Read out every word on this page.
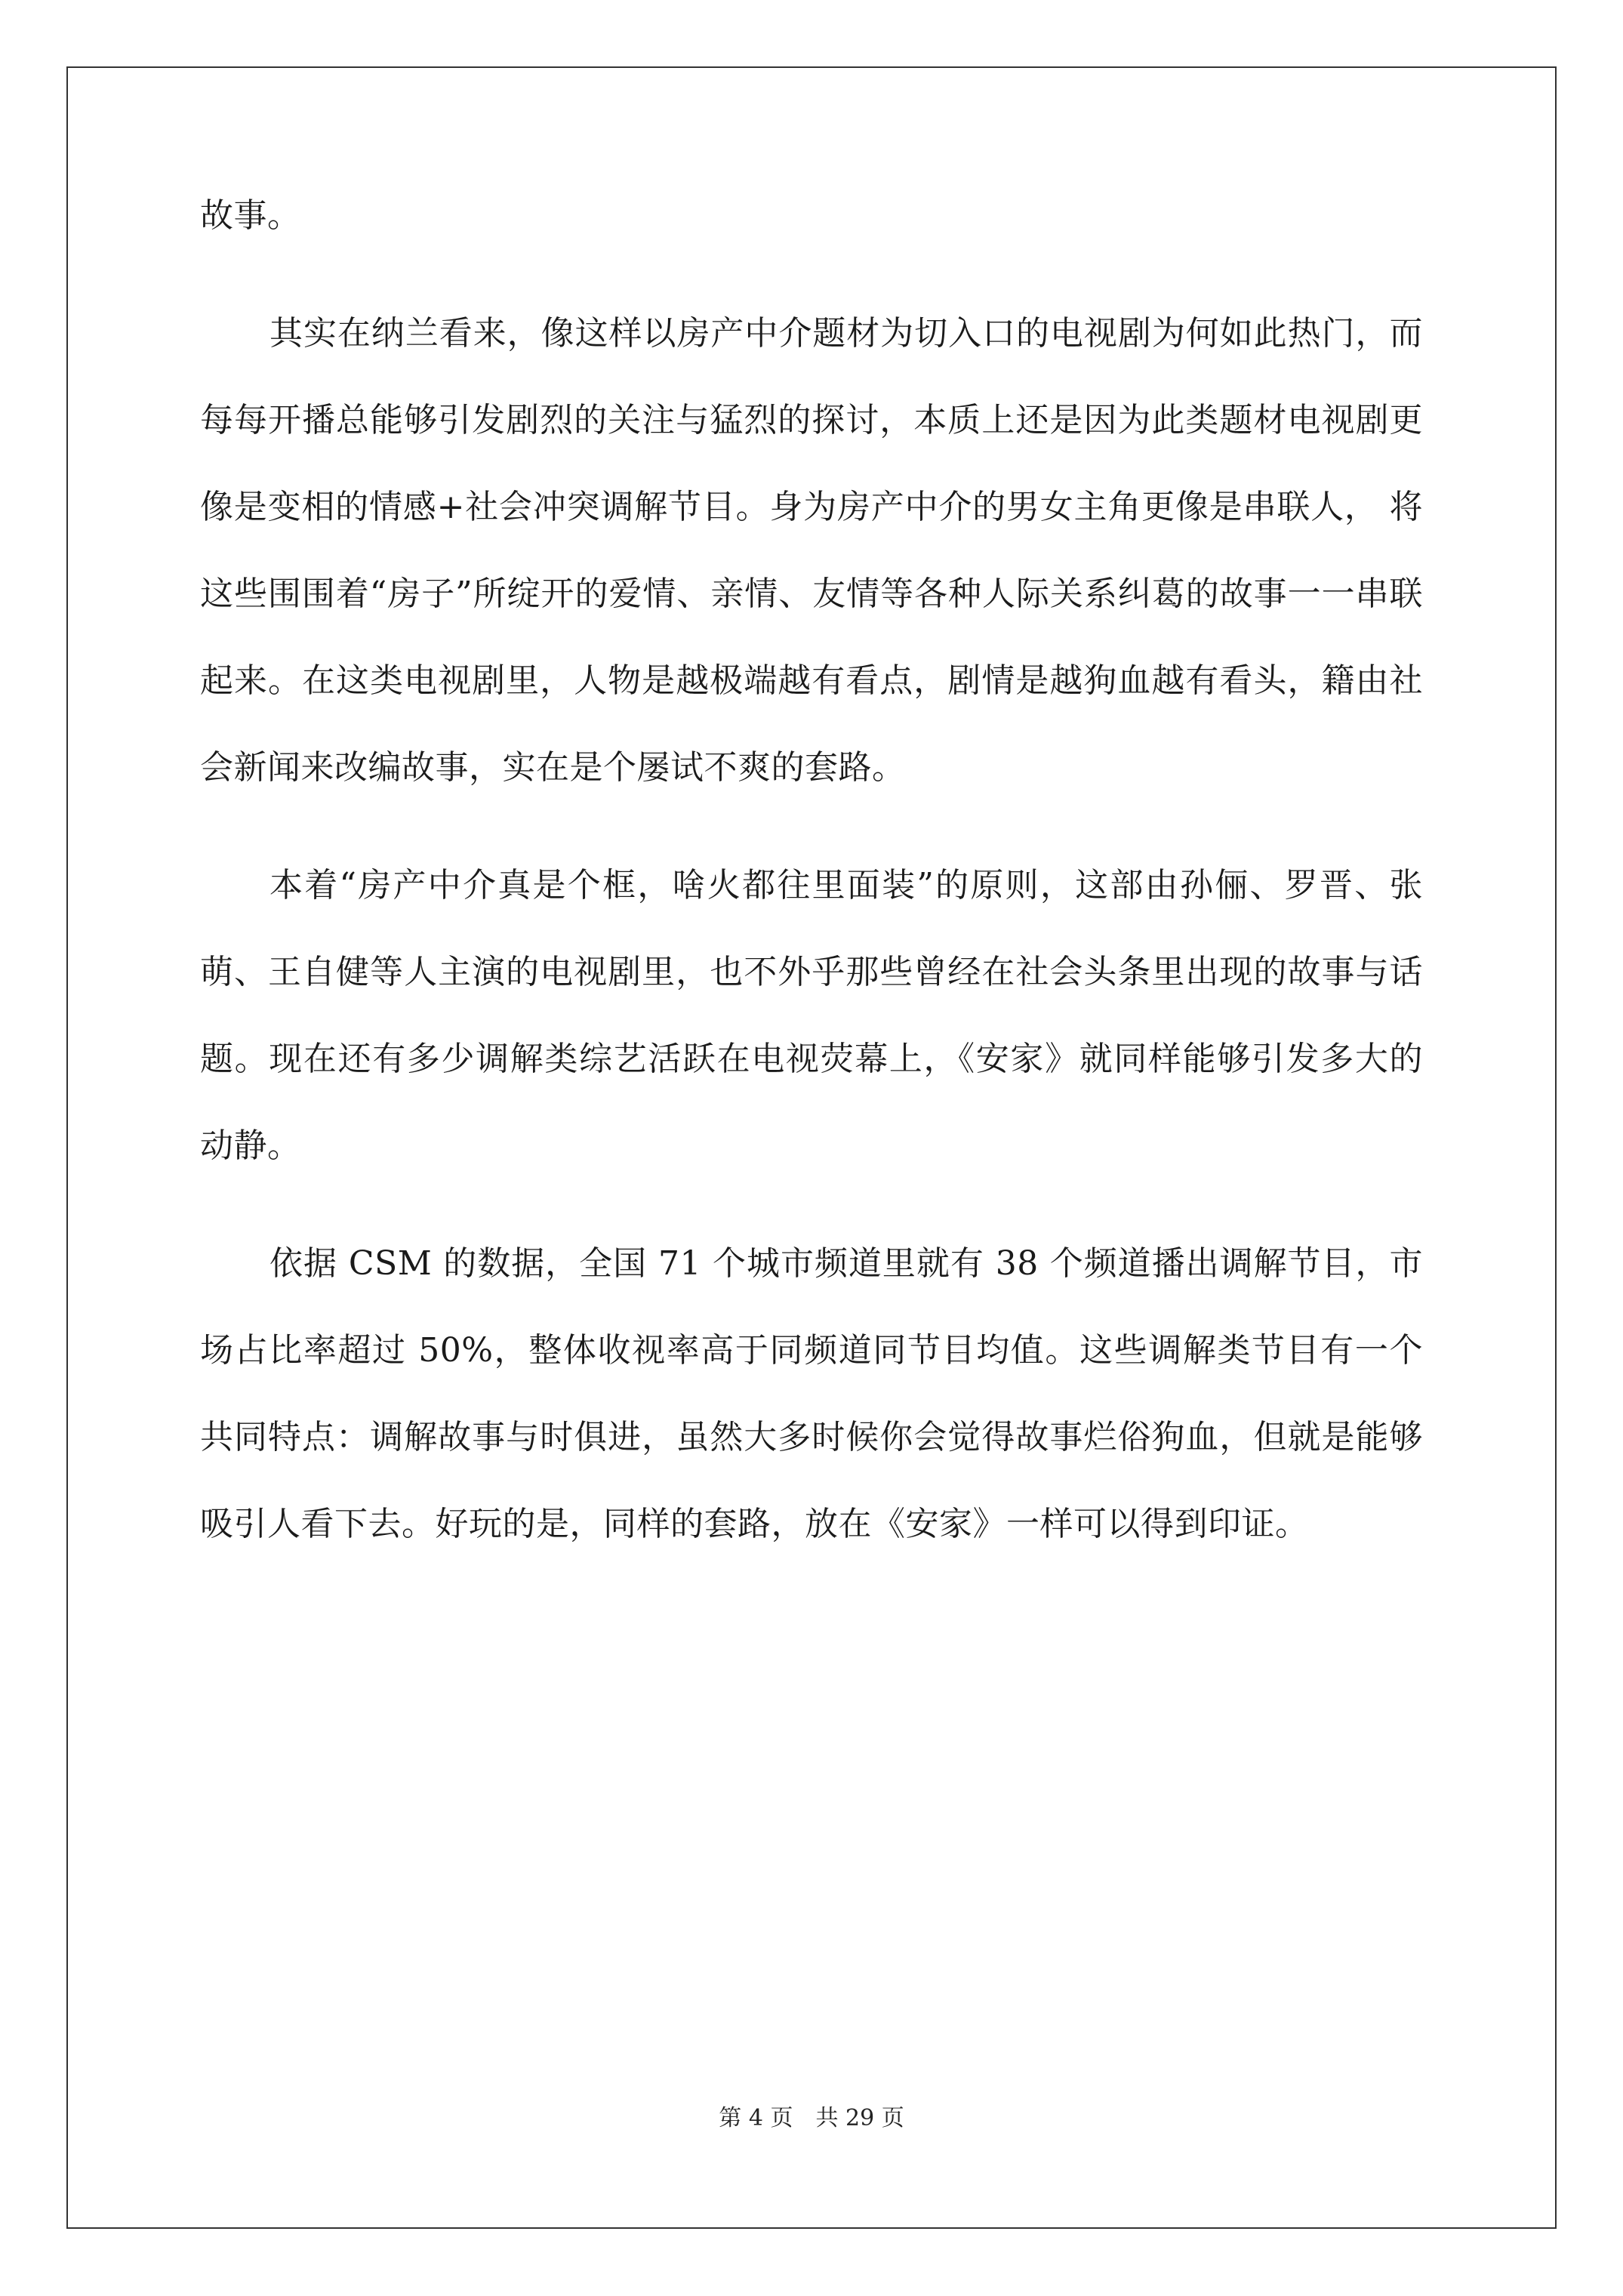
故事。

其实在纳兰看来，像这样以房产中介题材为切入口的电视剧为何如此热门，而每每开播总能够引发剧烈的关注与猛烈的探讨，本质上还是因为此类题材电视剧更像是变相的情感+社会冲突调解节目。身为房产中介的男女主角更像是串联人， 将这些围围着“房子”所绽开的爱情、亲情、友情等各种人际关系纠葛的故事一一串联起来。在这类电视剧里，人物是越极端越有看点，剧情是越狗血越有看头，籍由社会新闻来改编故事，实在是个屡试不爽的套路。

本着“房产中介真是个框，啥火都往里面装”的原则，这部由孙俪、罗晋、张萌、王自健等人主演的电视剧里，也不外乎那些曾经在社会头条里出现的故事与话题。现在还有多少调解类综艺活跃在电视荧幕上，《安家》就同样能够引发多大的动静。

依据 CSM 的数据，全国 71 个城市频道里就有 38 个频道播出调解节目，市场占比率超过 50%，整体收视率高于同频道同节目均值。这些调解类节目有一个共同特点：调解故事与时俱进，虽然大多时候你会觉得故事烂俗狗血，但就是能够吸引人看下去。好玩的是，同样的套路，放在《安家》一样可以得到印证。

第 4 页 共 29 页
